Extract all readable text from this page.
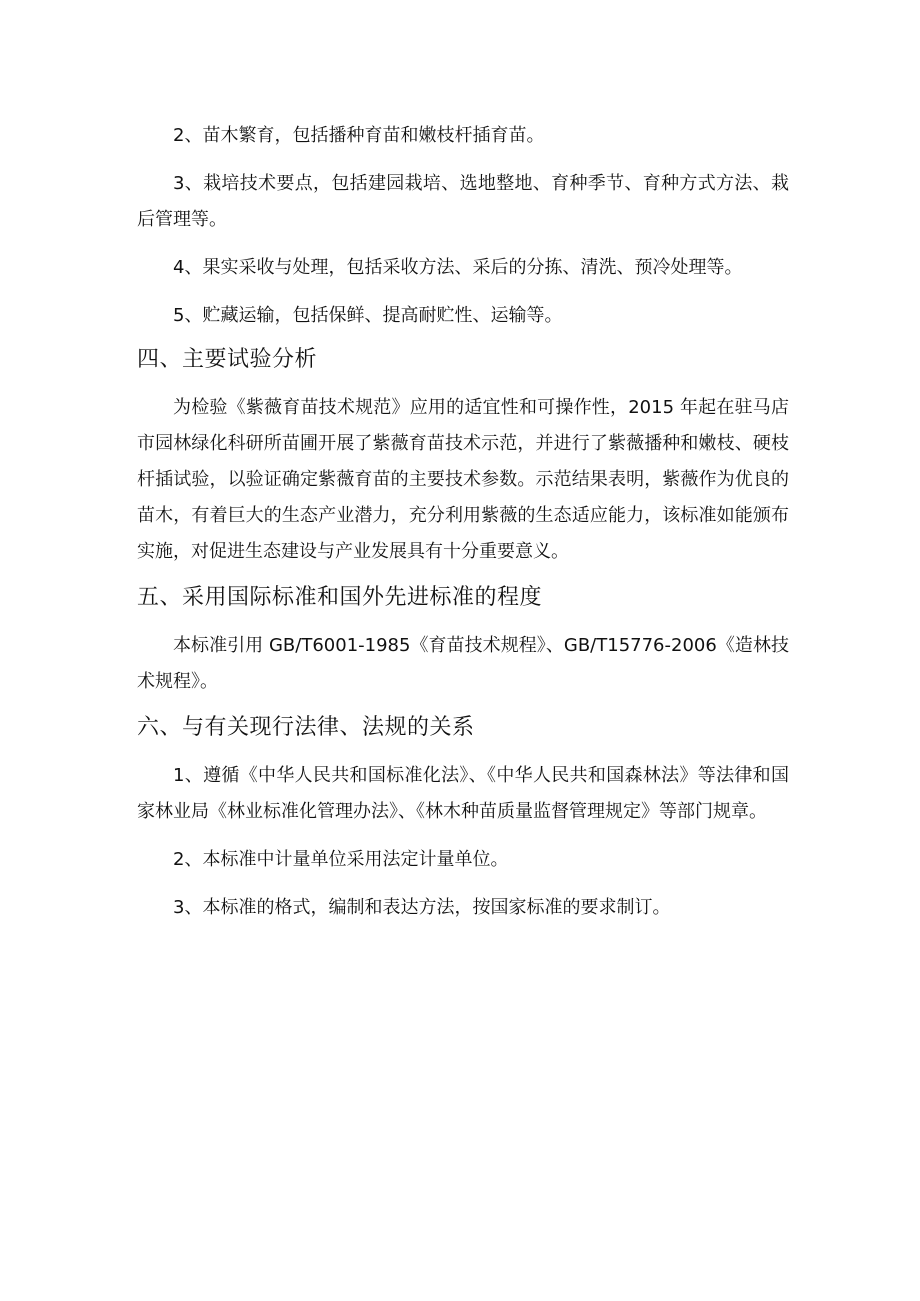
2、苗木繁育，包括播种育苗和嫩枝杆插育苗。

3、栽培技术要点，包括建园栽培、选地整地、育种季节、育种方式方法、栽后管理等。

4、果实采收与处理，包括采收方法、采后的分拣、清洗、预冷处理等。

5、贮藏运输，包括保鲜、提高耐贮性、运输等。

四、主要试验分析

为检验《紫薇育苗技术规范》应用的适宜性和可操作性，2015 年起在驻马店市园林绿化科研所苗圃开展了紫薇育苗技术示范，并进行了紫薇播种和嫩枝、硬枝杆插试验，以验证确定紫薇育苗的主要技术参数。示范结果表明，紫薇作为优良的苗木，有着巨大的生态产业潜力，充分利用紫薇的生态适应能力，该标准如能颁布实施，对促进生态建设与产业发展具有十分重要意义。

五、采用国际标准和国外先进标准的程度

本标准引用 GB/T6001-1985《育苗技术规程》、GB/T15776-2006《造林技术规程》。

六、与有关现行法律、法规的关系

1、遵循《中华人民共和国标准化法》、《中华人民共和国森林法》等法律和国家林业局《林业标准化管理办法》、《林木种苗质量监督管理规定》等部门规章。

2、本标准中计量单位采用法定计量单位。

3、本标准的格式，编制和表达方法，按国家标准的要求制订。
